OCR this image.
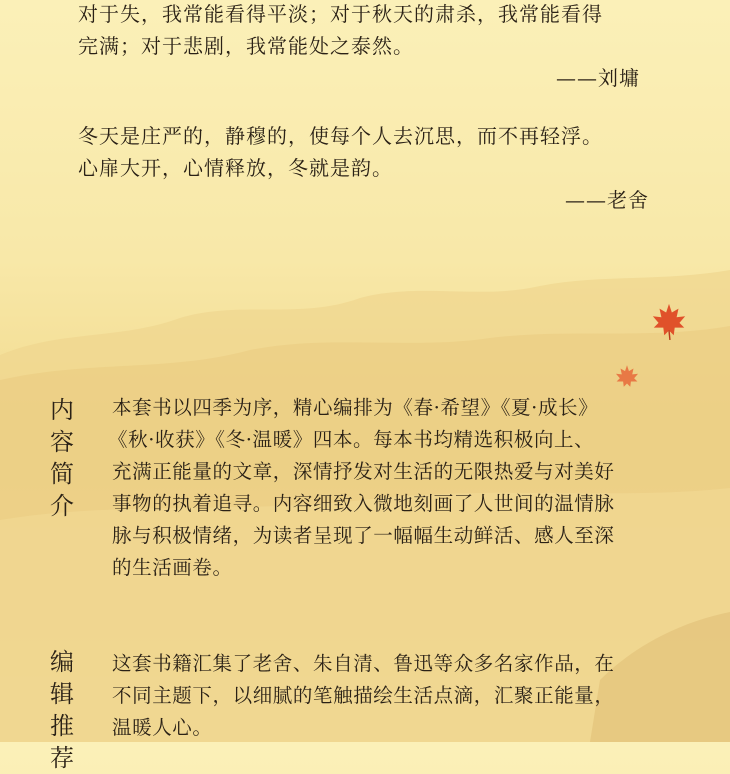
对于失，我常能看得平淡；对于秋天的肃杀，我常能看得
完满；对于悲剧，我常能处之泰然。
——刘墉
冬天是庄严的，静穆的，使每个人去沉思，而不再轻浮。
心扉大开，心情释放，冬就是韵。
——老舍
内
容
简
介
本套书以四季为序，精心编排为《春·希望》《夏·成长》
《秋·收获》《冬·温暖》四本。每本书均精选积极向上、
充满正能量的文章，深情抒发对生活的无限热爱与对美好
事物的执着追寻。内容细致入微地刻画了人世间的温情脉
脉与积极情绪，为读者呈现了一幅幅生动鲜活、感人至深
的生活画卷。
编
辑
推
荐
这套书籍汇集了老舍、朱自清、鲁迅等众多名家作品，在
不同主题下，以细腻的笔触描绘生活点滴，汇聚正能量，
温暖人心。
